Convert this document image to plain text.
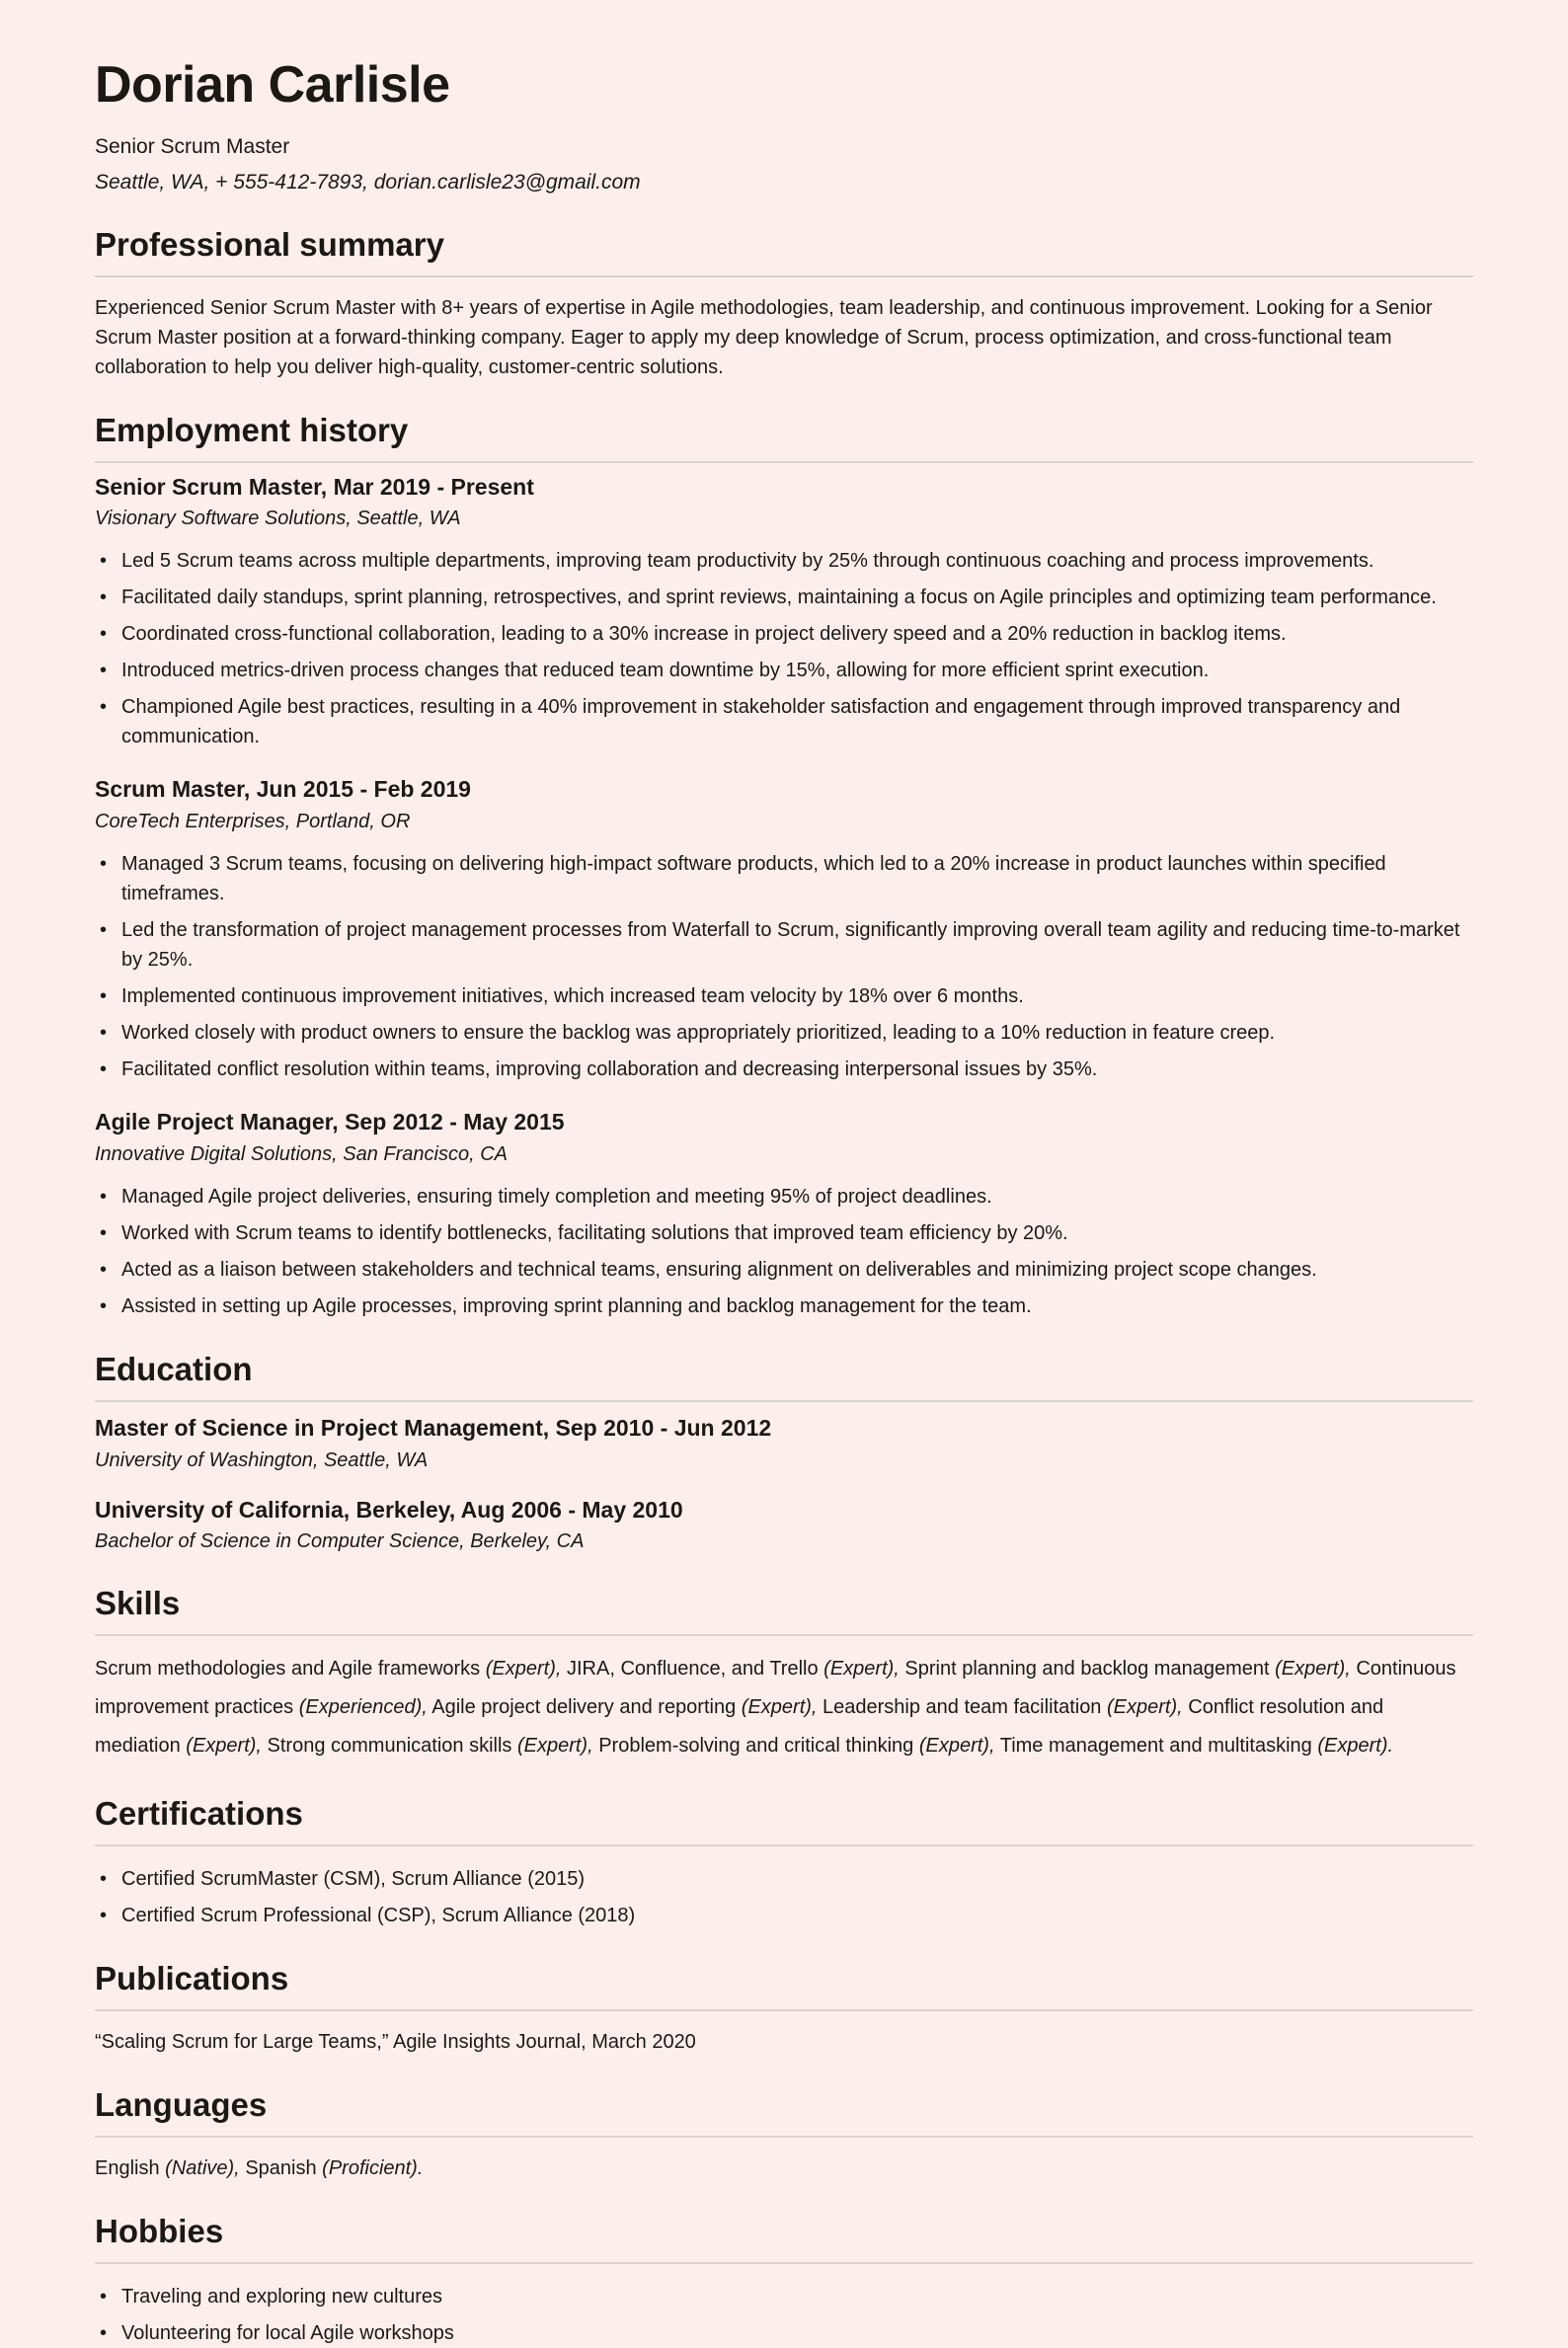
Dorian Carlisle

Senior Scrum Master

Seattle, WA, + 555-412-7893, dorian.carlisle23@gmail.com

Professional summary

Experienced Senior Scrum Master with 8+ years of expertise in Agile methodologies, team leadership, and continuous improvement. Looking for a Senior Scrum Master position at a forward-thinking company. Eager to apply my deep knowledge of Scrum, process optimization, and cross-functional team collaboration to help you deliver high-quality, customer-centric solutions.

Employment history

Senior Scrum Master, Mar 2019 - Present

Visionary Software Solutions, Seattle, WA

• Led 5 Scrum teams across multiple departments, improving team productivity by 25% through continuous coaching and process improvements.
• Facilitated daily standups, sprint planning, retrospectives, and sprint reviews, maintaining a focus on Agile principles and optimizing team performance.
• Coordinated cross-functional collaboration, leading to a 30% increase in project delivery speed and a 20% reduction in backlog items.
• Introduced metrics-driven process changes that reduced team downtime by 15%, allowing for more efficient sprint execution.
• Championed Agile best practices, resulting in a 40% improvement in stakeholder satisfaction and engagement through improved transparency and communication.

Scrum Master, Jun 2015 - Feb 2019

CoreTech Enterprises, Portland, OR

• Managed 3 Scrum teams, focusing on delivering high-impact software products, which led to a 20% increase in product launches within specified timeframes.
• Led the transformation of project management processes from Waterfall to Scrum, significantly improving overall team agility and reducing time-to-market by 25%.
• Implemented continuous improvement initiatives, which increased team velocity by 18% over 6 months.
• Worked closely with product owners to ensure the backlog was appropriately prioritized, leading to a 10% reduction in feature creep.
• Facilitated conflict resolution within teams, improving collaboration and decreasing interpersonal issues by 35%.

Agile Project Manager, Sep 2012 - May 2015

Innovative Digital Solutions, San Francisco, CA

• Managed Agile project deliveries, ensuring timely completion and meeting 95% of project deadlines.
• Worked with Scrum teams to identify bottlenecks, facilitating solutions that improved team efficiency by 20%.
• Acted as a liaison between stakeholders and technical teams, ensuring alignment on deliverables and minimizing project scope changes.
• Assisted in setting up Agile processes, improving sprint planning and backlog management for the team.
Education

Master of Science in Project Management, Sep 2010 - Jun 2012

University of Washington, Seattle, WA

University of California, Berkeley, Aug 2006 - May 2010

Bachelor of Science in Computer Science, Berkeley, CA

Skills

Scrum methodologies and Agile frameworks (Expert), JIRA, Confluence, and Trello (Expert), Sprint planning and backlog management (Expert), Continuous improvement practices (Experienced), Agile project delivery and reporting (Expert), Leadership and team facilitation (Expert), Conflict resolution and mediation (Expert), Strong communication skills (Expert), Problem-solving and critical thinking (Expert), Time management and multitasking (Expert).

Certifications
• Certified ScrumMaster (CSM), Scrum Alliance (2015)
• Certified Scrum Professional (CSP), Scrum Alliance (2018)
Publications

“Scaling Scrum for Large Teams,” Agile Insights Journal, March 2020

Languages

English (Native), Spanish (Proficient).

Hobbies
• Traveling and exploring new cultures
• Volunteering for local Agile workshops
